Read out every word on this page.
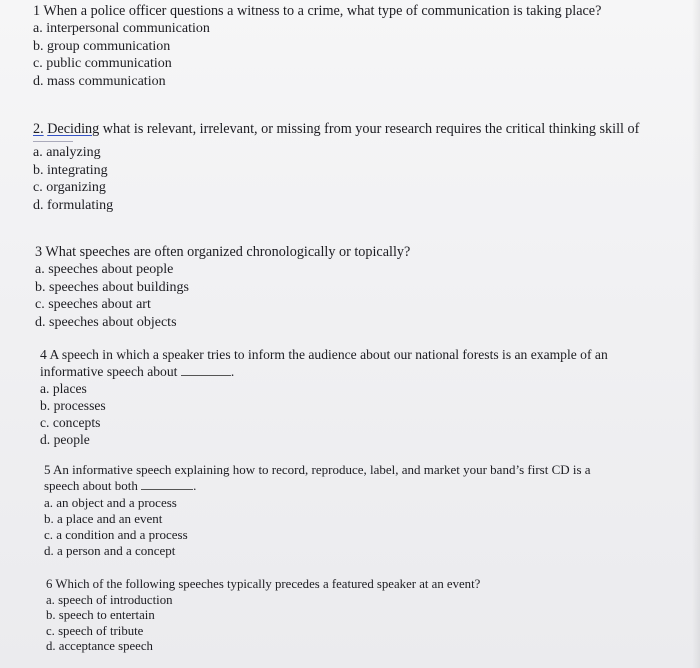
1 When a police officer questions a witness to a crime, what type of communication is taking place?

a. interpersonal communication

b. group communication

c. public communication

d. mass communication

2. Deciding what is relevant, irrelevant, or missing from your research requires the critical thinking skill of

a. analyzing

b. integrating

c. organizing

d. formulating

3 What speeches are often organized chronologically or topically?

a. speeches about people

b. speeches about buildings

c. speeches about art

d. speeches about objects

4 A speech in which a speaker tries to inform the audience about our national forests is an example of an

informative speech about	.

a. places

b. processes

c. concepts

d. people

5 An informative speech explaining how to record, reproduce, label, and market your band’s first CD is a

speech about both	.

a. an object and a process

b. a place and an event

c. a condition and a process

d. a person and a concept

6 Which of the following speeches typically precedes a featured speaker at an event?

a. speech of introduction

b. speech to entertain

c. speech of tribute

d. acceptance speech
